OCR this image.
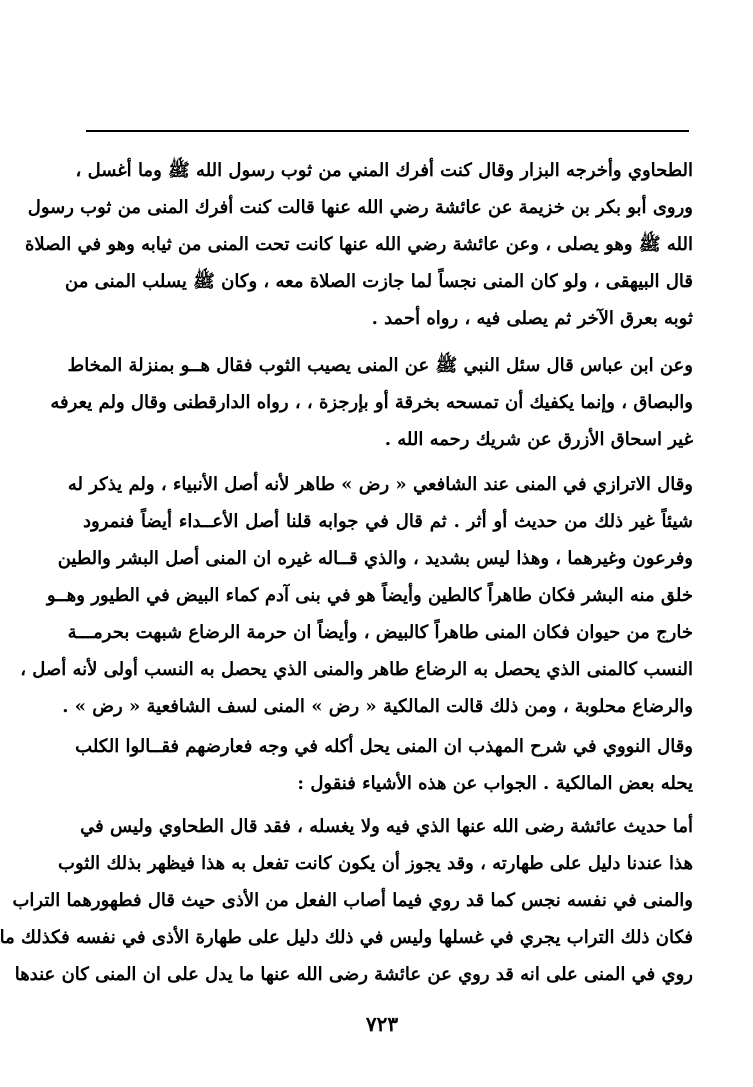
الطحاوي وأخرجه البزار وقال كنت أفرك المني من ثوب رسول الله ﷺ وما أغسل ،
وروى أبو بكر بن خزيمة عن عائشة رضي الله عنها قالت كنت أفرك المنى من ثوب رسول
الله ﷺ وهو يصلى ، وعن عائشة رضي الله عنها كانت تحت المنى من ثيابه وهو في الصلاة
قال البيهقى ، ولو كان المنى نجساً لما جازت الصلاة معه ، وكان ﷺ يسلب المنى من
ثوبه بعرق الآخر ثم يصلى فيه ، رواه أحمد .
وعن ابن عباس قال سئل النبي ﷺ عن المنى يصيب الثوب فقال هــو بمنزلة المخاط
والبصاق ، وإنما يكفيك أن تمسحه بخرقة أو بإرجزة ، ، رواه الدارقطنى وقال ولم يعرفه
غير اسحاق الأزرق عن شريك رحمه الله .
وقال الاترازي في المنى عند الشافعي « رض » طاهر لأنه أصل الأنبياء ، ولم يذكر له
شيئاً غير ذلك من حديث أو أثر . ثم قال في جوابه قلنا أصل الأعــداء أيضاً فنمرود
وفرعون وغيرهما ، وهذا ليس بشديد ، والذي قــاله غيره ان المنى أصل البشر والطين
خلق منه البشر فكان طاهراً كالطين وأيضاً هو في بنى آدم كماء البيض في الطيور وهــو
خارج من حيوان فكان المنى طاهراً كالبيض ، وأيضاً ان حرمة الرضاع شبهت بحرمـــة
النسب كالمنى الذي يحصل به الرضاع طاهر والمنى الذي يحصل به النسب أولى لأنه أصل ،
والرضاع محلوبة ، ومن ذلك قالت المالكية « رض » المنى لسف الشافعية « رض » .
وقال النووي في شرح المهذب ان المنى يحل أكله في وجه فعارضهم فقــالوا الكلب
يحله بعض المالكية . الجواب عن هذه الأشياء فنقول :
أما حديث عائشة رضى الله عنها الذي فيه ولا يغسله ، فقد قال الطحاوي وليس في
هذا عندنا دليل على طهارته ، وقد يجوز أن يكون كانت تفعل به هذا فيظهر بذلك الثوب
والمنى في نفسه نجس كما قد روي فيما أصاب الفعل من الأذى حيث قال فطهورهما التراب
فكان ذلك التراب يجري في غسلها وليس في ذلك دليل على طهارة الأذى في نفسه فكذلك ما
روي في المنى على انه قد روي عن عائشة رضى الله عنها ما يدل على ان المنى كان عندها
٧٢٣
